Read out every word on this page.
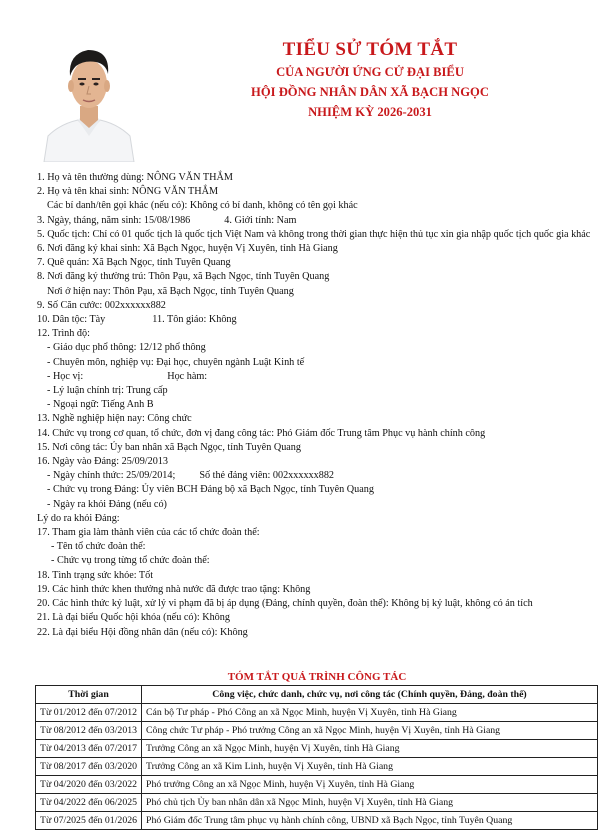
TIỂU SỬ TÓM TẮT
CỦA NGƯỜI ỨNG CỬ ĐẠI BIỂU
HỘI ĐỒNG NHÂN DÂN XÃ BẠCH NGỌC
NHIỆM KỲ 2026-2031
1. Họ và tên thường dùng: NÔNG VĂN THẮM
2. Họ và tên khai sinh: NÔNG VĂN THẮM
Các bí danh/tên gọi khác (nếu có): Không có bí danh, không có tên gọi khác
3. Ngày, tháng, năm sinh: 15/08/1986	4. Giới tính: Nam
5. Quốc tịch: Chỉ có 01 quốc tịch là quốc tịch Việt Nam và không trong thời gian thực hiện thủ tục xin gia nhập quốc tịch quốc gia khác
6. Nơi đăng ký khai sinh: Xã Bạch Ngọc, huyện Vị Xuyên, tỉnh Hà Giang
7. Quê quán: Xã Bạch Ngọc, tỉnh Tuyên Quang
8. Nơi đăng ký thường trú: Thôn Pạu, xã Bạch Ngọc, tỉnh Tuyên Quang
Nơi ở hiện nay: Thôn Pạu, xã Bạch Ngọc, tỉnh Tuyên Quang
9. Số Căn cước: 002xxxxxx882
10. Dân tộc: Tày	11. Tôn giáo: Không
12. Trình độ:
- Giáo dục phổ thông: 12/12 phổ thông
- Chuyên môn, nghiệp vụ: Đại học, chuyên ngành Luật Kinh tế
- Học vị:	Học hàm:
- Lý luận chính trị: Trung cấp
- Ngoại ngữ: Tiếng Anh B
13. Nghề nghiệp hiện nay: Công chức
14. Chức vụ trong cơ quan, tổ chức, đơn vị đang công tác: Phó Giám đốc Trung tâm Phục vụ hành chính công
15. Nơi công tác: Ủy ban nhân xã Bạch Ngọc, tỉnh Tuyên Quang
16. Ngày vào Đảng: 25/09/2013
- Ngày chính thức: 25/09/2014; Số thẻ đảng viên: 002xxxxxx882
- Chức vụ trong Đảng: Ủy viên BCH Đảng bộ xã Bạch Ngọc, tỉnh Tuyên Quang
- Ngày ra khỏi Đảng (nếu có)
Lý do ra khỏi Đảng:
17. Tham gia làm thành viên của các tổ chức đoàn thể:
- Tên tổ chức đoàn thể:
- Chức vụ trong từng tổ chức đoàn thể:
18. Tình trạng sức khỏe: Tốt
19. Các hình thức khen thưởng nhà nước đã được trao tặng: Không
20. Các hình thức kỷ luật, xử lý vi phạm đã bị áp dụng (Đảng, chính quyền, đoàn thể): Không bị kỷ luật, không có án tích
21. Là đại biểu Quốc hội khóa (nếu có): Không
22. Là đại biểu Hội đồng nhân dân (nếu có): Không
TÓM TẮT QUÁ TRÌNH CÔNG TÁC
Thời gian	Công việc, chức danh, chức vụ, nơi công tác (Chính quyền, Đảng, đoàn thể)
Từ 01/2012 đến 07/2012	Cán bộ Tư pháp - Phó Công an xã Ngọc Minh, huyện Vị Xuyên, tỉnh Hà Giang
Từ 08/2012 đến 03/2013	Công chức Tư pháp - Phó trưởng Công an xã Ngọc Minh, huyện Vị Xuyên, tỉnh Hà Giang
Từ 04/2013 đến 07/2017	Trưởng Công an xã Ngọc Minh, huyện Vị Xuyên, tỉnh Hà Giang
Từ 08/2017 đến 03/2020	Trưởng Công an xã Kim Linh, huyện Vị Xuyên, tỉnh Hà Giang
Từ 04/2020 đến 03/2022	Phó trưởng Công an xã Ngọc Minh, huyện Vị Xuyên, tỉnh Hà Giang
Từ 04/2022 đến 06/2025	Phó chủ tịch Ủy ban nhân dân xã Ngọc Minh, huyện Vị Xuyên, tỉnh Hà Giang
Từ 07/2025 đến 01/2026	Phó Giám đốc Trung tâm phục vụ hành chính công, UBND xã Bạch Ngọc, tỉnh Tuyên Quang
